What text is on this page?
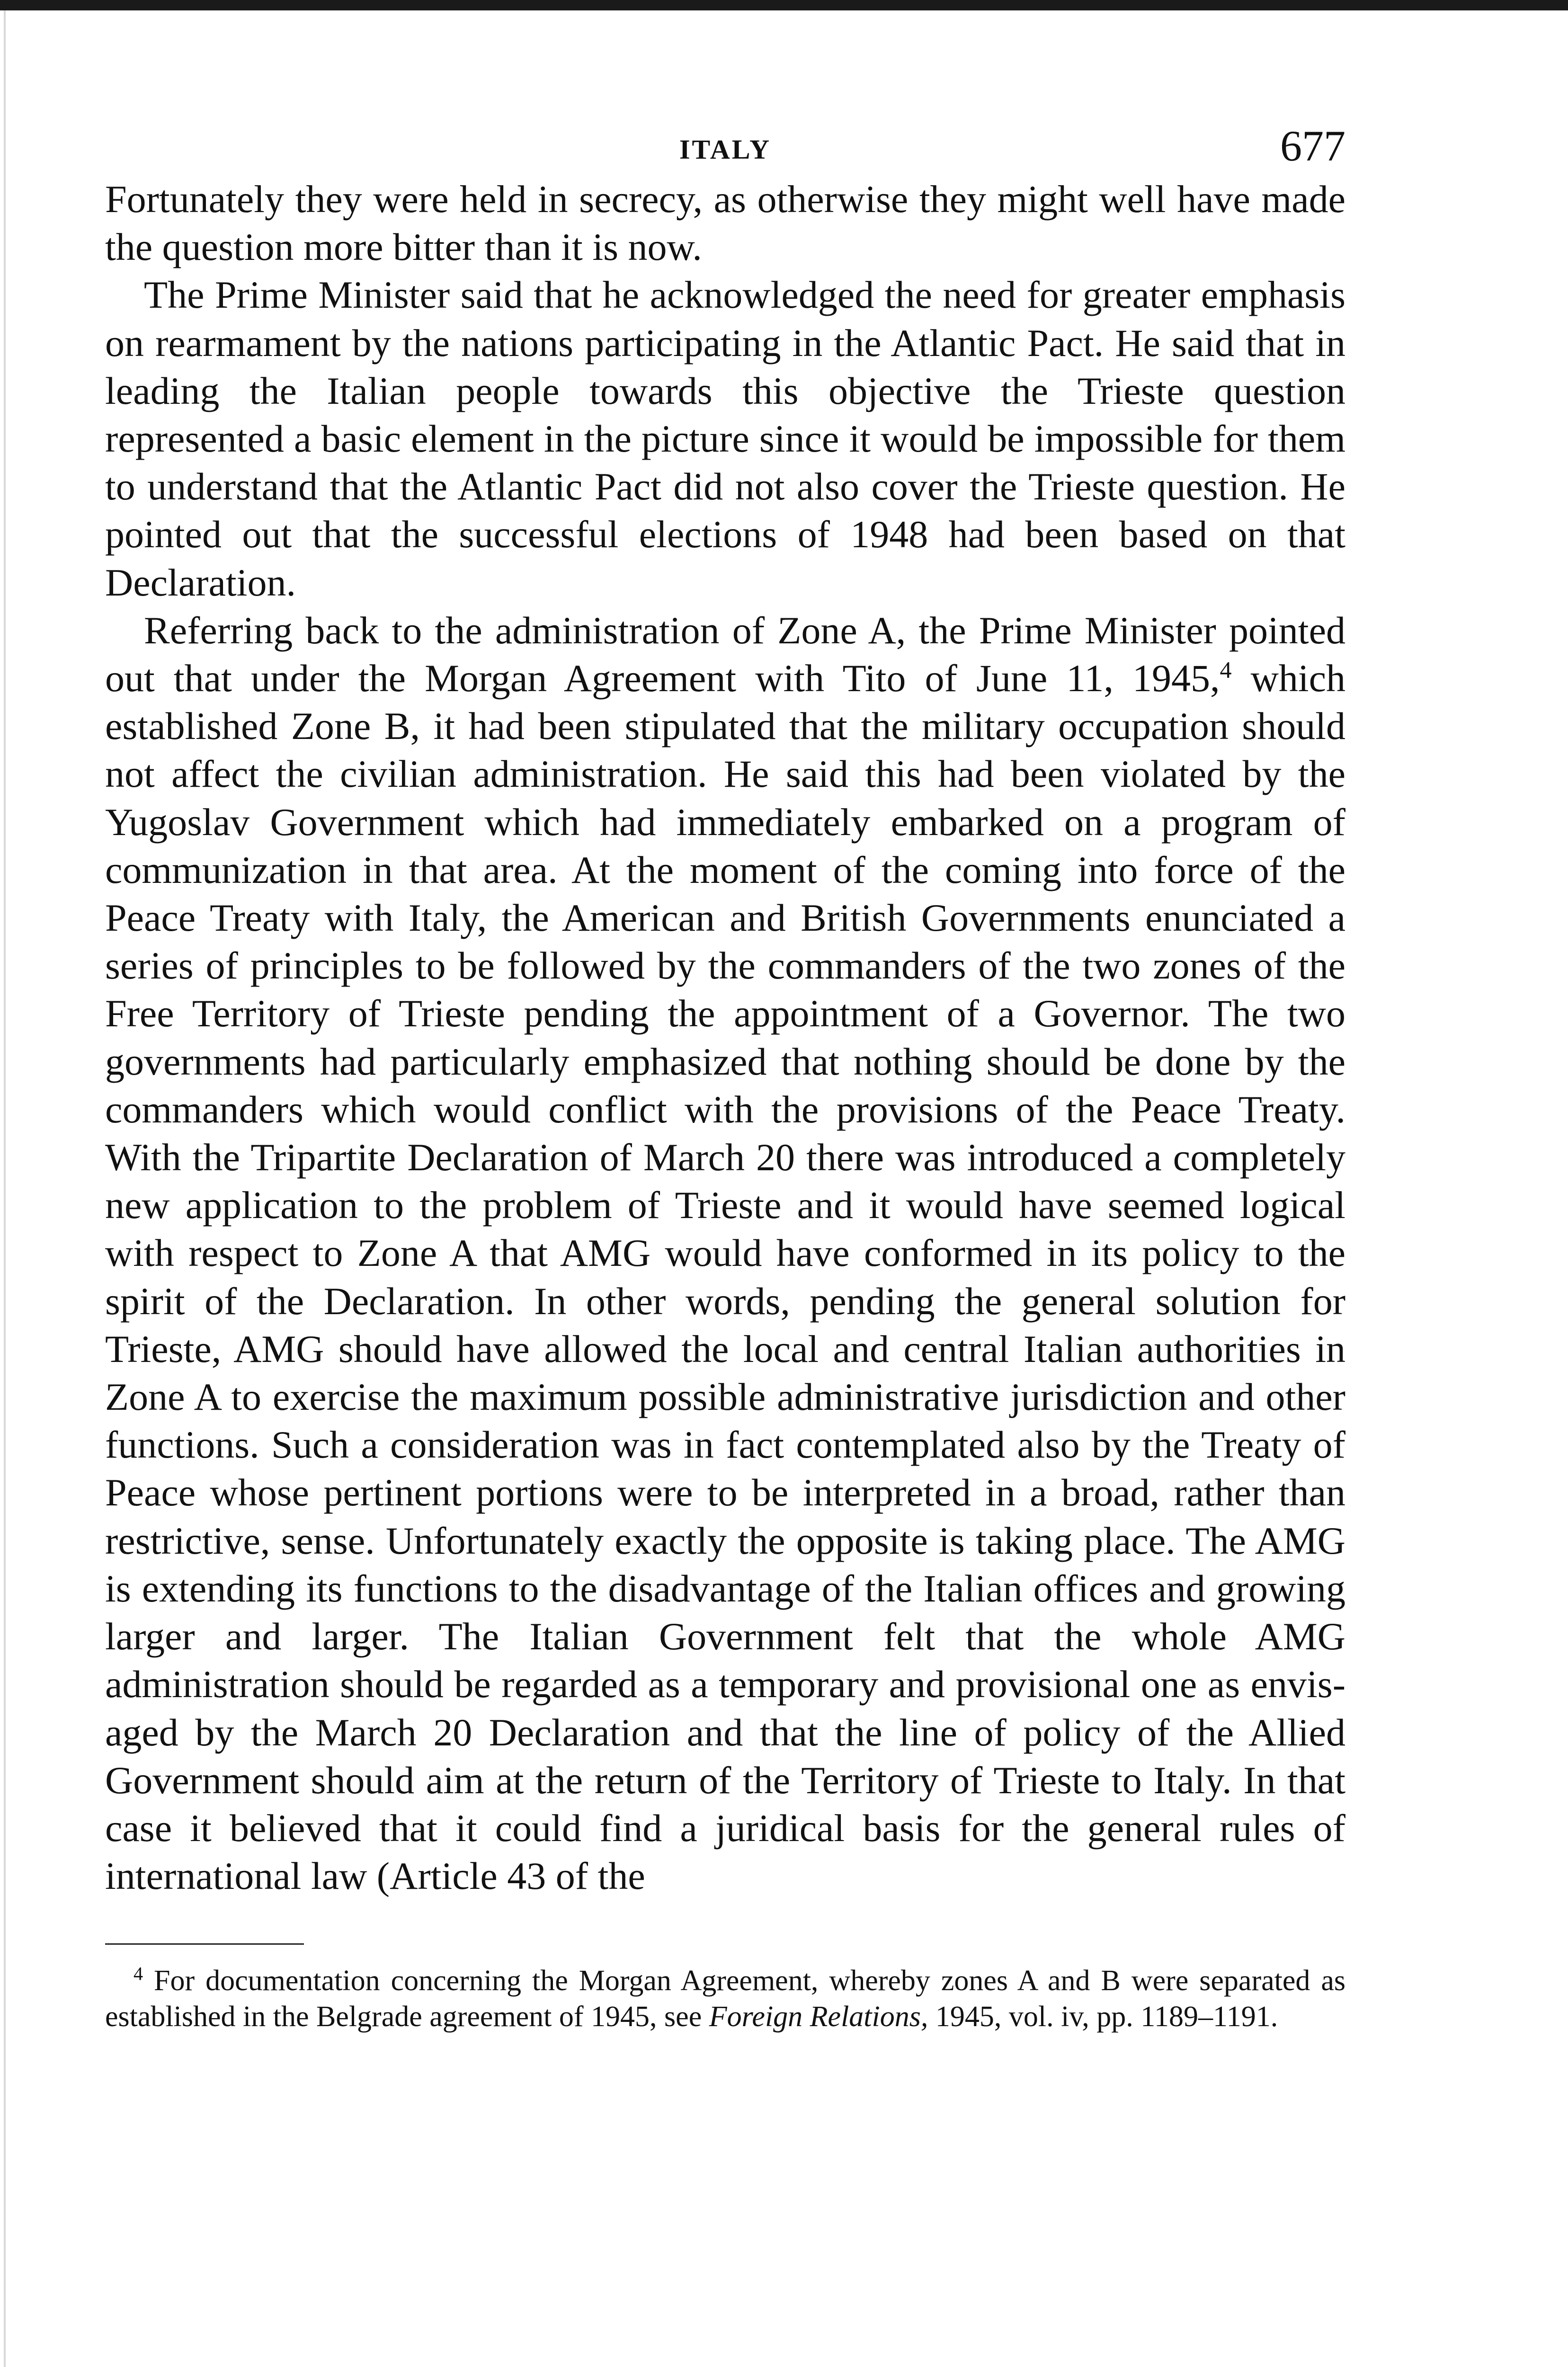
ITALY	677

Fortunately they were held in secrecy, as otherwise they might well have made the question more bitter than it is now.

The Prime Minister said that he acknowledged the need for greater emphasis on rearmament by the nations participating in the Atlantic Pact. He said that in leading the Italian people towards this objective the Trieste question represented a basic element in the picture since it would be impossible for them to understand that the Atlantic Pact did not also cover the Trieste question. He pointed out that the successful elections of 1948 had been based on that Declaration.

Referring back to the administration of Zone A, the Prime Minister pointed out that under the Morgan Agreement with Tito of June 11, 1945,$^4$ which established Zone B, it had been stipulated that the military occupation should not affect the civilian administration. He said this had been violated by the Yugoslav Government which had immediately embarked on a program of communization in that area. At the moment of the coming into force of the Peace Treaty with Italy, the American and British Governments enunciated a series of principles to be followed by the commanders of the two zones of the Free Territory of Trieste pending the appointment of a Governor. The two governments had particularly emphasized that nothing should be done by the commanders which would conflict with the provisions of the Peace Treaty. With the Tripartite Declaration of March 20 there was introduced a completely new application to the problem of Trieste and it would have seemed logical with respect to Zone A that AMG would have conformed in its policy to the spirit of the Declaration. In other words, pending the general solution for Trieste, AMG should have allowed the local and central Italian authorities in Zone A to exercise the maximum possible administrative jurisdiction and other functions. Such a consideration was in fact contemplated also by the Treaty of Peace whose pertinent portions were to be interpreted in a broad, rather than restrictive, sense. Unfortunately exactly the opposite is taking place. The AMG is extending its functions to the disadvantage of the Italian offices and growing larger and larger. The Italian Government felt that the whole AMG administration should be regarded as a temporary and provisional one as envisaged by the March 20 Declaration and that the line of policy of the Allied Government should aim at the return of the Territory of Trieste to Italy. In that case it believed that it could find a juridical basis for the general rules of international law (Article 43 of the

$^4$ For documentation concerning the Morgan Agreement, whereby zones A and B were separated as established in the Belgrade agreement of 1945, see Foreign Relations, 1945, vol. iv, pp. 1189–1191.
